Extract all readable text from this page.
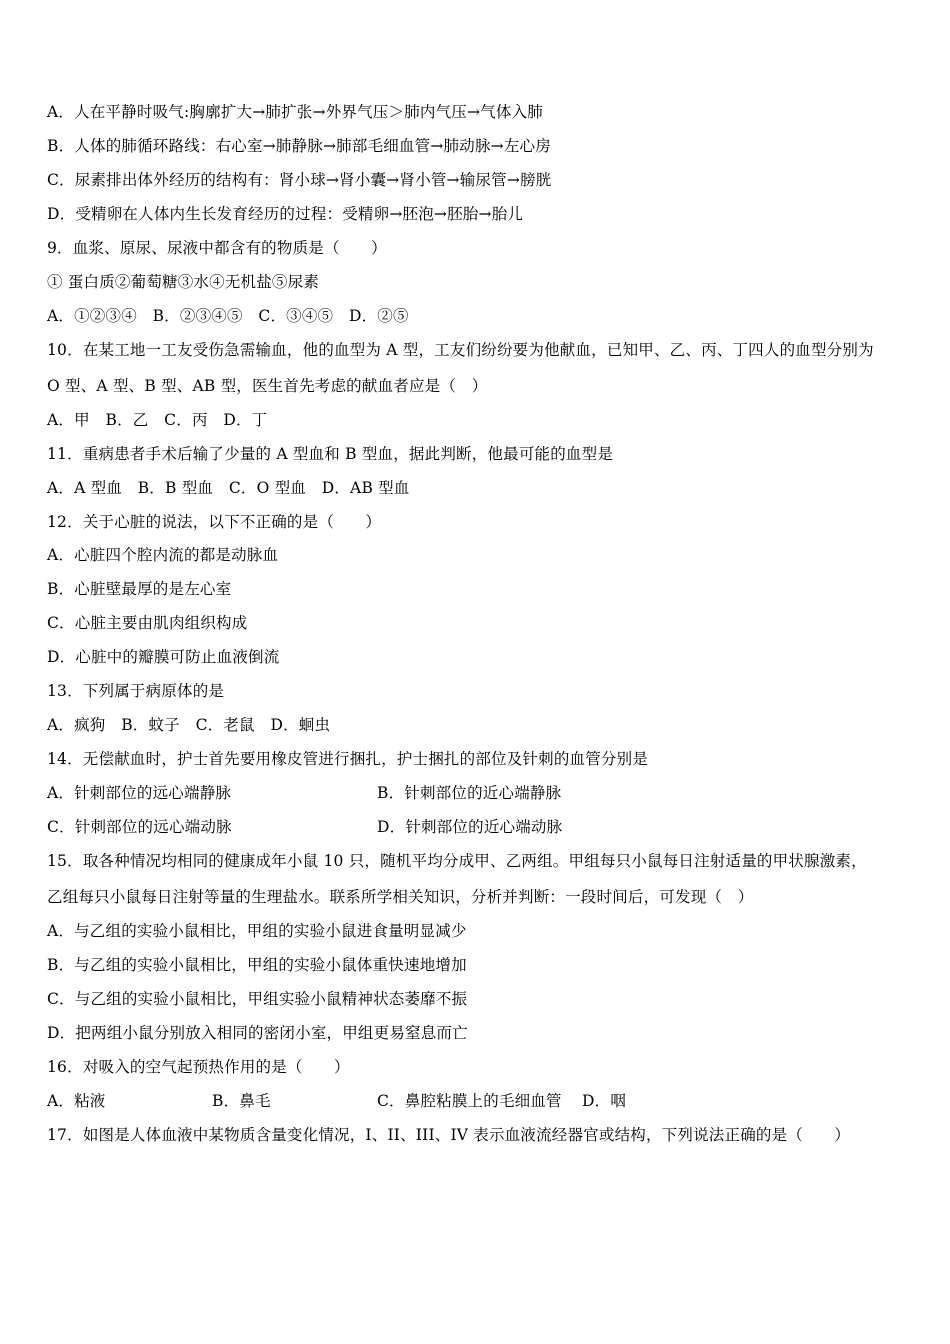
A．人在平静时吸气:胸廓扩大→肺扩张→外界气压＞肺内气压→气体入肺
B．人体的肺循环路线：右心室→肺静脉→肺部毛细血管→肺动脉→左心房
C．尿素排出体外经历的结构有：肾小球→肾小囊→肾小管→输尿管→膀胱
D．受精卵在人体内生长发育经历的过程：受精卵→胚泡→胚胎→胎儿
9．血浆、原尿、尿液中都含有的物质是（　　）
① 蛋白质②葡萄糖③水④无机盐⑤尿素
A．①②③④　B．②③④⑤　C．③④⑤　D．②⑤
10．在某工地一工友受伤急需输血，他的血型为 A 型，工友们纷纷要为他献血，已知甲、乙、丙、丁四人的血型分别为
O 型、A 型、B 型、AB 型，医生首先考虑的献血者应是（　）
A．甲　B．乙　C．丙　D．丁
11．重病患者手术后输了少量的 A 型血和 B 型血，据此判断，他最可能的血型是
A．A 型血　B．B 型血　C．O 型血　D．AB 型血
12．关于心脏的说法，以下不正确的是（　　）
A．心脏四个腔内流的都是动脉血
B．心脏壁最厚的是左心室
C．心脏主要由肌肉组织构成
D．心脏中的瓣膜可防止血液倒流
13．下列属于病原体的是
A．疯狗　B．蚊子　C．老鼠　D．蛔虫
14．无偿献血时，护士首先要用橡皮管进行捆扎，护士捆扎的部位及针刺的血管分别是
A．针刺部位的远心端静脉	B．针刺部位的近心端静脉
C．针刺部位的远心端动脉	D．针刺部位的近心端动脉
15．取各种情况均相同的健康成年小鼠 10 只，随机平均分成甲、乙两组。甲组每只小鼠每日注射适量的甲状腺激素，
乙组每只小鼠每日注射等量的生理盐水。联系所学相关知识，分析并判断：一段时间后，可发现（　）
A．与乙组的实验小鼠相比，甲组的实验小鼠进食量明显减少
B．与乙组的实验小鼠相比，甲组的实验小鼠体重快速地增加
C．与乙组的实验小鼠相比，甲组实验小鼠精神状态萎靡不振
D．把两组小鼠分别放入相同的密闭小室，甲组更易窒息而亡
16．对吸入的空气起预热作用的是（　　）
A．粘液	B．鼻毛	C．鼻腔粘膜上的毛细血管 D．咽
17．如图是人体血液中某物质含量变化情况，I、II、III、IV 表示血液流经器官或结构，下列说法正确的是（　　）
